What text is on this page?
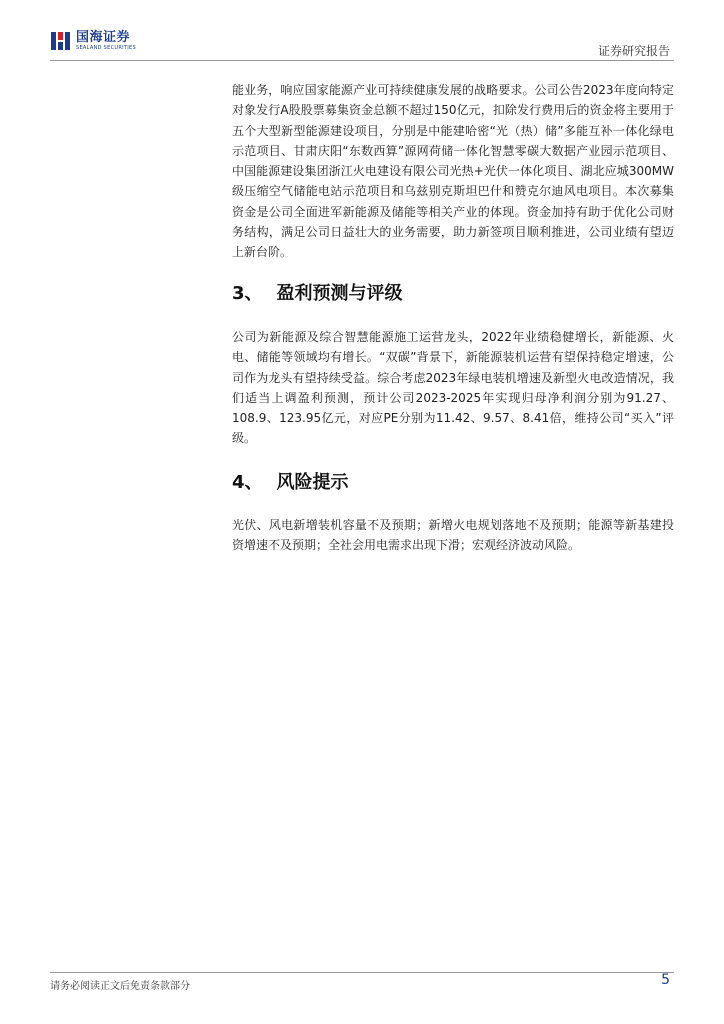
国海证券
SEALAND SECURITIES	证券研究报告

能业务，响应国家能源产业可持续健康发展的战略要求。公司公告2023年度向特定对象发行A股股票募集资金总额不超过150亿元，扣除发行费用后的资金将主要用于五个大型新型能源建设项目，分别是中能建哈密“光（热）储”多能互补一体化绿电示范项目、甘肃庆阳“东数西算”源网荷储一体化智慧零碳大数据产业园示范项目、中国能源建设集团浙江火电建设有限公司光热+光伏一体化项目、湖北应城300MW级压缩空气储能电站示范项目和乌兹别克斯坦巴什和赞克尔迪风电项目。本次募集资金是公司全面进军新能源及储能等相关产业的体现。资金加持有助于优化公司财务结构，满足公司日益壮大的业务需要，助力新签项目顺利推进，公司业绩有望迈上新台阶。

3、 盈利预测与评级

公司为新能源及综合智慧能源施工运营龙头，2022年业绩稳健增长，新能源、火电、储能等领域均有增长。“双碳”背景下，新能源装机运营有望保持稳定增速，公司作为龙头有望持续受益。综合考虑2023年绿电装机增速及新型火电改造情况，我们适当上调盈利预测，预计公司2023-2025年实现归母净利润分别为91.27、108.9、123.95亿元，对应PE分别为11.42、9.57、8.41倍，维持公司“买入”评级。

4、 风险提示

光伏、风电新增装机容量不及预期；新增火电规划落地不及预期；能源等新基建投资增速不及预期；全社会用电需求出现下滑；宏观经济波动风险。

请务必阅读正文后免责条款部分	5
